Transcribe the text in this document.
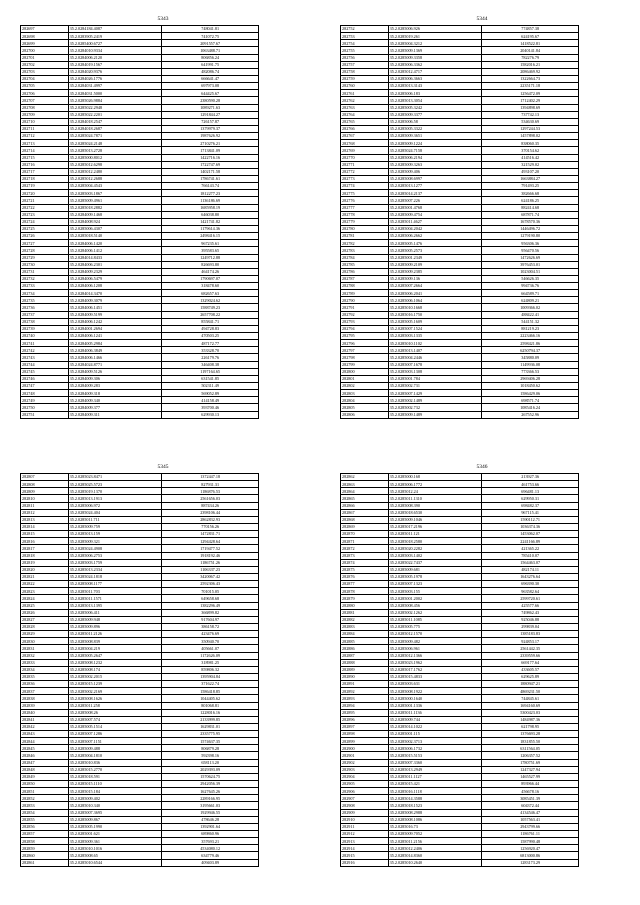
5343
282697	35.2.0284184.4087	748041.81
282698	35.2.0283905.2419	741072.75
282699	35.2.0285400.6727	2091557.67
282700	35.2.0284010.9334	1063488.71
282701	35.2.0284006.2120	806856.24
282702	35.2.0284019.1567	641991.75
282703	35.2.0284020.9376	482086.74
282704	35.2.0284026.1776	666641.47
282705	35.2.0284031.4997	697973.08
282706	35.2.0284031.5000	644425.67
282707	35.2.0285026.9884	2380590.28
282708	35.2.0285022.2948	1089271.63
282709	35.2.0285022.2201	1291844.27
282710	35.2.0284018.2547	726157.87
282711	35.2.0284018.2687	1379979.37
282712	35.2.0285024.7871	1987626.92
282713	35.2.0285024.2148	2710276.21
282714	35.2.0285013.2728	1713841.09
282715	35.2.0285000.8012	1422716.16
282716	35.2.0285012.6298	1722747.69
282717	35.2.0285012.2480	1402171.58
282718	35.2.0285012.2688	1786741.61
282719	35.2.0285004.4543	766143.74
282720	35.2.0285003.1867	1812277.23
282721	35.2.0285009.4961	1136186.69
282722	35.2.0285018.2882	1685958.19
282723	35.2.0284009.1468	646038.80
282724	35.2.0284008.924	1421741.82
282725	35.2.0285006.4307	1179614.36
282726	35.2.0285018.5140	2498416.15
282727	35.2.0284006.1420	967235.61
282728	35.2.0284006.1412	395583.65
282729	35.2.0284014.8433	1249712.88
282730	35.2.0284006.2301	826693.80
282731	35.2.0284009.2329	464174.26
282732	35.2.0284006.5479	1790697.07
282733	35.2.0284006.1208	318478.60
282734	35.2.0284014.3470	682657.63
282735	35.2.0284009.3079	1329024.62
282736	35.2.0284006.1451	1588749.23
282737	35.2.0284009.5199	2657708.22
282738	35.2.0284006.1242	855841.71
282739	35.2.0284001.2694	494728.83
282740	35.2.0284006.1241	470503.25
282741	35.2.0284005.2984	487172.77
282742	35.2.0284006.3849	353328.70
282743	35.2.0284006.1466	226179.76
282744	35.2.0284024.8771	346408.38
282745	35.2.0284009.5126	1197164.65
282746	35.2.0284009.306	631541.85
282747	35.2.0284009.283	502311.49
282748	35.2.0284009.318	569052.89
282749	35.2.0284009.340	414158.49
282750	35.2.0284009.377	393700.46
282751	35.2.0284009.311	629930.13
5344
282752	35.2.0285006.926	774857.38
282753	35.2.0285019.261	624195.67
282754	35.2.0285004.3212	1418522.81
282755	35.2.0285009.1369	2040141.84
282756	35.2.0285009.3358	782276.79
282757	35.2.0285006.3362	1582016.21
282758	35.2.0285012.4717	2086469.92
282759	35.2.0285006.3663	1322664.73
282760	35.2.0285013.3143	2235171.18
282761	35.2.0285006.183	1256472.09
282762	35.2.0285013.3054	1712402.29
282763	35.2.0285005.3242	1394898.69
282764	35.2.0285009.3377	737742.13
282765	35.2.0285006.58	534630.69
282766	35.2.0285005.3322	1297244.53
282767	35.2.0285009.3651	1457898.02
282768	35.2.0285009.1224	838060.35
282769	35.2.0285024.7158	370154.62
282770	35.2.0285006.2194	414516.42
282771	35.2.0285009.3263	321529.02
282772	35.2.0285009.406	493107.20
282773	35.2.0285008.6997	1663884.27
282774	35.2.0285013.1277	791493.25
282775	35.2.0285014.2137	382666.68
282776	35.2.0285007.226	624186.25
282777	35.2.0285001.4768	882414.68
282778	35.2.0285009.4754	687871.74
282779	35.2.0285011.4627	1678570.36
282780	35.2.0285004.2042	1446496.72
282781	35.2.0285006.2662	1279190.80
282782	35.2.0285005.1476	956306.36
282783	35.2.0285005.2573	956470.56
282784	35.2.0285001.2349	1472626.69
282785	35.2.0285009.2109	3976453.01
282786	35.2.0285009.2385	1023004.51
282787	35.2.0285009.136	546626.35
282788	35.2.0285007.2664	994736.76
282789	35.2.0285006.2041	664589.71
282790	35.2.0285006.1064	624809.21
282791	35.2.0285010.1668	1009366.02
282792	35.2.0285016.1750	488422.41
282793	35.2.0285005.1609	544151.32
282794	35.2.0285007.1524	881219.23
282795	35.2.0285003.1335	2223466.16
282796	35.2.0285010.1102	2598421.86
282797	35.2.0285013.1407	6250794.37
282798	35.2.0285004.2446	345880.09
282799	35.2.0285007.1678	1149936.08
282800	35.2.0285003.1308	773366.53
282801	35.2.0285001.784	2969406.28
282802	35.2.0285002.731	1018450.62
282803	35.2.0285007.1429	1586429.06
282804	35.2.0285002.1489	698571.74
282805	35.2.0285002.732	1085416.24
282806	35.2.0285009.1489	267552.96
5345
282807	35.2.0285023.8471	1372447.18
282808	35.2.0285025.5723	827931.31
282809	35.2.0285019.1370	1186876.53
282810	35.2.0285013.1913	2561656.03
282811	35.2.0285006.972	887434.26
282812	35.2.0285024.404	2398106.44
282813	35.2.0285011.711	2862832.93
282814	35.2.0285009.759	770156.26
282815	35.2.0285013.159	1472831.71
282816	35.2.0285009.321	1294428.64
282817	35.2.0285024.4908	1719477.52
282818	35.2.0285006.2753	1918192.46
282819	35.2.0285003.1759	1186751.26
282820	35.2.0285013.2334	1106337.23
282821	35.2.0285024.1818	3420067.42
282822	35.2.0285008.1177	2592306.43
282823	35.2.0285011.703	701015.05
282824	35.2.0285011.1571	649658.68
282825	35.2.0285013.1395	1382296.49
282826	35.2.0285006.411	366899.82
282827	35.2.0285009.948	917604.97
282828	35.2.0285009.896	386158.72
282829	35.2.0285011.2126	423476.69
282830	35.2.0285008.839	350940.70
282831	35.2.0285004.219	405661.07
282832	35.2.0285005.2647	1172626.09
282833	35.2.0285008.1232	318981.25
282834	35.2.0285008.174	859806.32
282835	35.2.0285002.2015	1395904.84
282836	35.2.0285015.1239	371622.74
282837	35.2.0285002.2169	1586418.85
282838	35.2.0285008.1626	1044405.62
282839	35.2.0285011.258	801068.81
282840	35.2.0285008.26	1228016.16
282841	35.2.0285007.574	2133999.85
282842	35.2.0285005.1514	1629831.01
282843	35.2.0285007.1286	2335775.95
282844	35.2.0285007.1151	1574637.35
282845	35.2.0285009.488	806879.28
282846	35.2.0285004.1810	592398.16
282847	35.2.0285010.836	658113.20
282848	35.2.0285015.2770	2029393.09
282849	35.2.0285018.591	1570624.75
282850	35.2.0285015.1110	2942056.39
282851	35.2.0285015.184	1627645.26
282852	35.2.0285009.402	2289166.95
282853	35.2.0285010.340	3195661.03
282854	35.2.0285007.3695	1929946.55
282855	35.2.0285009.867	478646.28
282856	35.2.0285005.1990	1392901.64
282857	35.2.0285001.621	689860.96
282858	35.2.0285009.361	357693.21
282859	35.2.0285010.1016	4534080.12
282860	35.2.0285008.65	634779.46
282861	35.2.0285010.6544	409403.89
5346
282862	35.2.0285000.168	213927.36
282863	35.2.0285006.1772	461753.66
282864	35.2.0285012.24	696481.13
282865	35.2.0285011.1310	629950.31
282866	35.2.0285008.390	698482.37
282867	35.2.0285018.6530	967115.41
282868	35.2.0285009.1046	1590112.71
282869	35.2.0285017.2196	1036374.36
282870	35.2.0285011.121	1453062.07
282871	35.2.0285018.2580	2241166.89
282872	35.2.0285020.2282	421365.22
282873	35.2.0285003.1402	785410.07
282874	35.2.0285022.7437	1564463.07
282875	35.2.0285009.681	482174.11
282876	35.2.0285005.1978	1643276.64
282877	35.2.0285007.1323	696390.30
282878	35.2.0285003.155	963582.64
282879	35.2.0285001.2002	2599720.61
282880	35.2.0285008.456	425577.66
282881	35.2.0285002.1262	749862.43
282882	35.2.0285011.1085	925046.88
282883	35.2.0285005.775	299839.04
282884	35.2.0285012.1570	1385183.83
282885	35.2.0285009.482	924853.17
282886	35.2.0285006.961	2561442.35
282887	35.2.0285012.1366	2339559.66
282888	35.2.0285023.1962	669177.64
282889	35.2.0285017.1762	433605.57
282890	35.2.0285015.4833	629625.89
282891	35.2.0285003.631	1880947.21
282892	35.2.0285008.1922	4869231.50
282893	35.2.0285000.1640	744845.61
282894	35.2.0285001.1336	1694160.69
282895	35.2.0285011.1136	5300423.03
282896	35.2.0285009.744	1484987.36
282897	35.2.0285014.1022	621798.95
282898	35.2.0285001.115	1376693.28
282899	35.2.0285002.3713	1831855.50
282900	35.2.0285006.1732	6311564.05
282901	35.2.0285015.5153	1206357.52
282902	35.2.0285007.3360	1780751.69
282903	35.2.0285013.2949	1247327.94
282904	35.2.0285011.1127	1465527.99
282905	35.2.0285015.421	893966.44
282906	35.2.0285016.1118	456678.16
282907	35.2.0285014.3588	3085451.39
282908	35.2.0285018.1523	604372.44
282909	35.2.0285008.2988	4134546.47
282910	35.2.0285008.1086	1057563.41
282911	35.2.0285016.73	2943799.66
282912	35.2.0285009.7052	1186761.11
282913	35.2.0285011.2156	1587990.48
282914	35.2.0285012.2406	1256920.47
282915	35.2.0285014.8360	6813000.86
282916	35.2.0285010.2640	1283173.29
